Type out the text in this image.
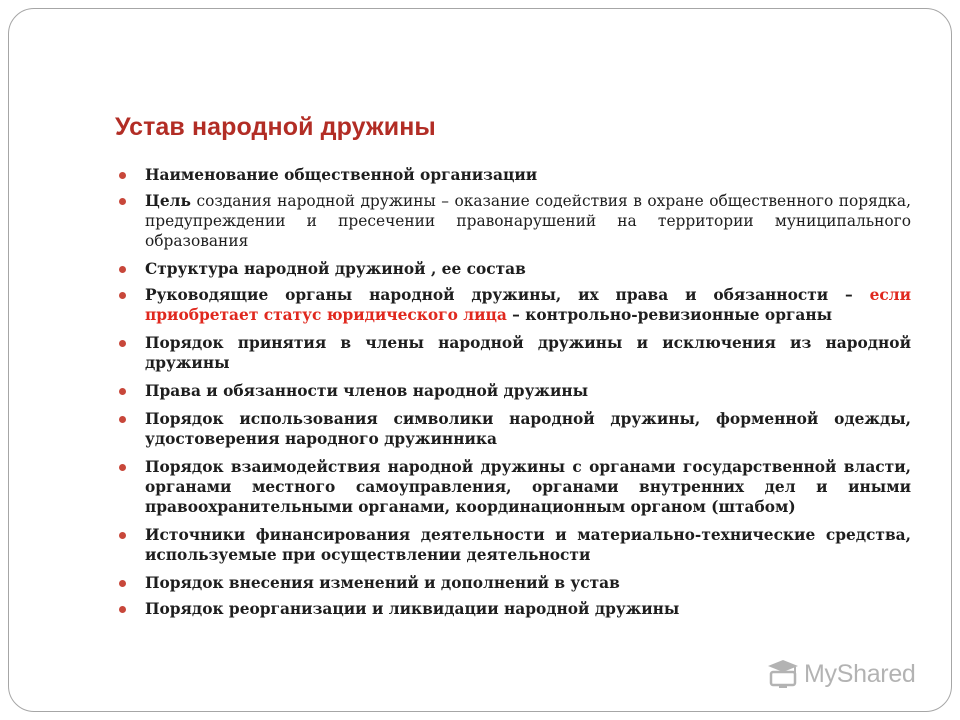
Устав народной дружины
Наименование общественной организации
Цель создания народной дружины – оказание содействия в охране общественного порядка, предупреждении и пресечении правонарушений на территории муниципального образования
Структура народной дружиной , ее состав
Руководящие органы народной дружины, их права и обязанности – если приобретает статус юридического лица – контрольно-ревизионные органы
Порядок принятия в члены народной дружины и исключения из народной дружины
Права и обязанности членов народной дружины
Порядок использования символики народной дружины, форменной одежды, удостоверения народного дружинника
Порядок взаимодействия народной дружины с органами государственной власти, органами местного самоуправления, органами внутренних дел и иными правоохранительными органами, координационным органом (штабом)
Источники финансирования деятельности и материально-технические средства, используемые при осуществлении деятельности
Порядок внесения изменений и дополнений в устав
Порядок реорганизации и ликвидации народной дружины
MyShared
